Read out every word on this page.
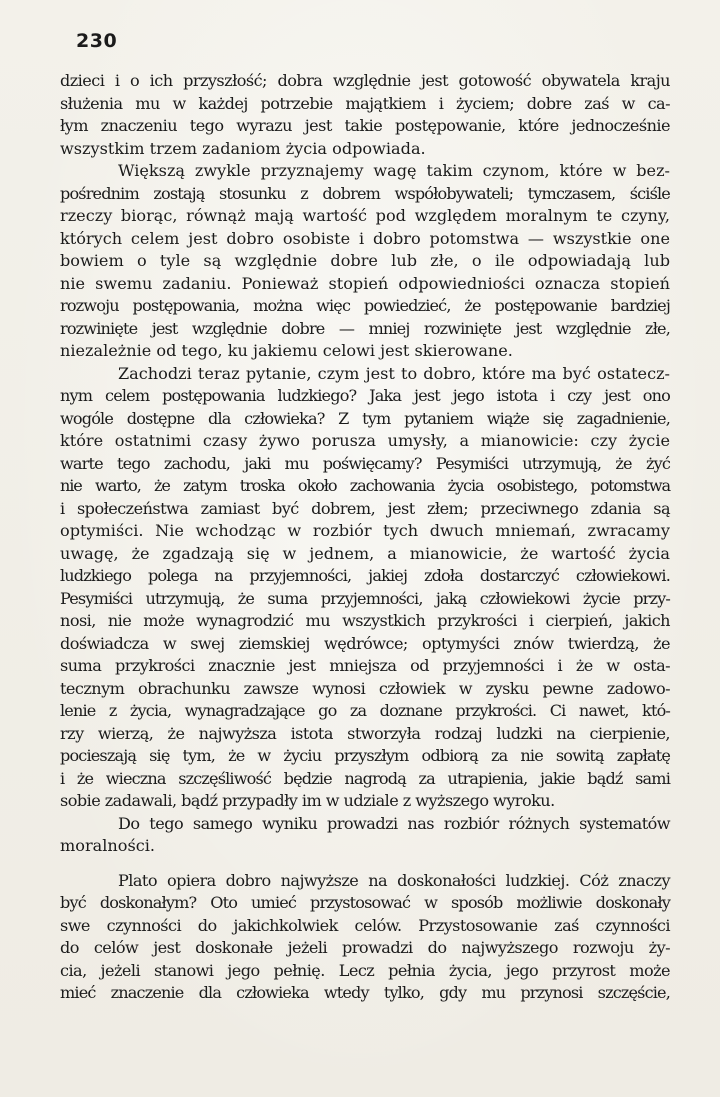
230
dzieci i o ich przyszłość; dobra względnie jest gotowość obywatela kraju
służenia mu w każdej potrzebie majątkiem i życiem; dobre zaś w ca-
łym znaczeniu tego wyrazu jest takie postępowanie, które jednocześnie
wszystkim trzem zadaniom życia odpowiada.
Większą zwykle przyznajemy wagę takim czynom, które w bez-
pośrednim zostają stosunku z dobrem współobywateli; tymczasem, ściśle
rzeczy biorąc, równąż mają wartość pod względem moralnym te czyny,
których celem jest dobro osobiste i dobro potomstwa — wszystkie one
bowiem o tyle są względnie dobre lub złe, o ile odpowiadają lub
nie swemu zadaniu. Ponieważ stopień odpowiedniości oznacza stopień
rozwoju postępowania, można więc powiedzieć, że postępowanie bardziej
rozwinięte jest względnie dobre — mniej rozwinięte jest względnie złe,
niezależnie od tego, ku jakiemu celowi jest skierowane.
Zachodzi teraz pytanie, czym jest to dobro, które ma być ostatecz-
nym celem postępowania ludzkiego? Jaka jest jego istota i czy jest ono
wogóle dostępne dla człowieka? Z tym pytaniem wiąże się zagadnienie,
które ostatnimi czasy żywo porusza umysły, a mianowicie: czy życie
warte tego zachodu, jaki mu poświęcamy? Pesymiści utrzymują, że żyć
nie warto, że zatym troska około zachowania życia osobistego, potomstwa
i społeczeństwa zamiast być dobrem, jest złem; przeciwnego zdania są
optymiści. Nie wchodząc w rozbiór tych dwuch mniemań, zwracamy
uwagę, że zgadzają się w jednem, a mianowicie, że wartość życia
ludzkiego polega na przyjemności, jakiej zdoła dostarczyć człowiekowi.
Pesymiści utrzymują, że suma przyjemności, jaką człowiekowi życie przy-
nosi, nie może wynagrodzić mu wszystkich przykrości i cierpień, jakich
doświadcza w swej ziemskiej wędrówce; optymyści znów twierdzą, że
suma przykrości znacznie jest mniejsza od przyjemności i że w osta-
tecznym obrachunku zawsze wynosi człowiek w zysku pewne zadowo-
lenie z życia, wynagradzające go za doznane przykrości. Ci nawet, któ-
rzy wierzą, że najwyższa istota stworzyła rodzaj ludzki na cierpienie,
pocieszają się tym, że w życiu przyszłym odbiorą za nie sowitą zapłatę
i że wieczna szczęśliwość będzie nagrodą za utrapienia, jakie bądź sami
sobie zadawali, bądź przypadły im w udziale z wyższego wyroku.
Do tego samego wyniku prowadzi nas rozbiór różnych systematów
moralności.
Plato opiera dobro najwyższe na doskonałości ludzkiej. Cóż znaczy
być doskonałym? Oto umieć przystosować w sposób możliwie doskonały
swe czynności do jakichkolwiek celów. Przystosowanie zaś czynności
do celów jest doskonałe jeżeli prowadzi do najwyższego rozwoju ży-
cia, jeżeli stanowi jego pełnię. Lecz pełnia życia, jego przyrost może
mieć znaczenie dla człowieka wtedy tylko, gdy mu przynosi szczęście,
